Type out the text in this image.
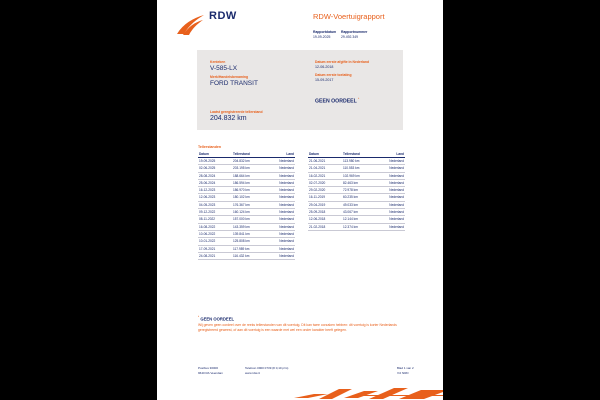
RDW	RDW-Voertuigrapport
Rapportdatum
19-09-2025
Rapportnummer
29.492.349
Kenteken
V-585-LX
Merk/Handelsbenaming
FORD TRANSIT
Laatst geregistreerde tellerstand
204.832 km
Datum eerste afgifte in Nederland
12-06-2018
Datum eerste toelating
15-09-2017
GEEN OORDEEL $^{^1}$
Tellerstanden
Datum	Tellerstand	Land
19-09-2025	204.832 km	Nederland
02-06-2025	203.195 km	Nederland
28-08-2024	188.664 km	Nederland
25-06-2024	186.594 km	Nederland
16-12-2023	186.970 km	Nederland
12-06-2023	180.102 km	Nederland
04-05-2023	176.367 km	Nederland
09-12-2022	160.124 km	Nederland
08-11-2022	157.000 km	Nederland
16-08-2022	143.359 km	Nederland
10-06-2022	139.841 km	Nederland
10-01-2022	125.808 km	Nederland
17-09-2021	117.989 km	Nederland
24-08-2021	116.432 km	Nederland
Datum	Tellerstand	Land
21-06-2021	113.980 km	Nederland
21-04-2021	110.553 km	Nederland
16-02-2021	102.969 km	Nederland
02-07-2020	82.463 km	Nederland
29-02-2020	72.978 km	Nederland
16-11-2019	60.235 km	Nederland
29-04-2019	49.033 km	Nederland
25-09-2018	43.067 km	Nederland
12-06-2018	12.144 km	Nederland
21-02-2018	12.374 km	Nederland
$^{^1}$ GEEN OORDEEL
Wij geven geen oordeel over de reeks tellerstanden van dit voertuig. Dit kan twee oorzaken hebben: dit voertuig is korter Nederlands geregistreerd geweest, of aan dit voertuig is een waarde met wel een onder karakter beeft gelegen.
Postbus 30000
9640 RA Veendam
Telefoon 0900 0739 (€ 0,10 p/m)
www.rdw.nl
Blad 1 van 2
V.0 NRD
